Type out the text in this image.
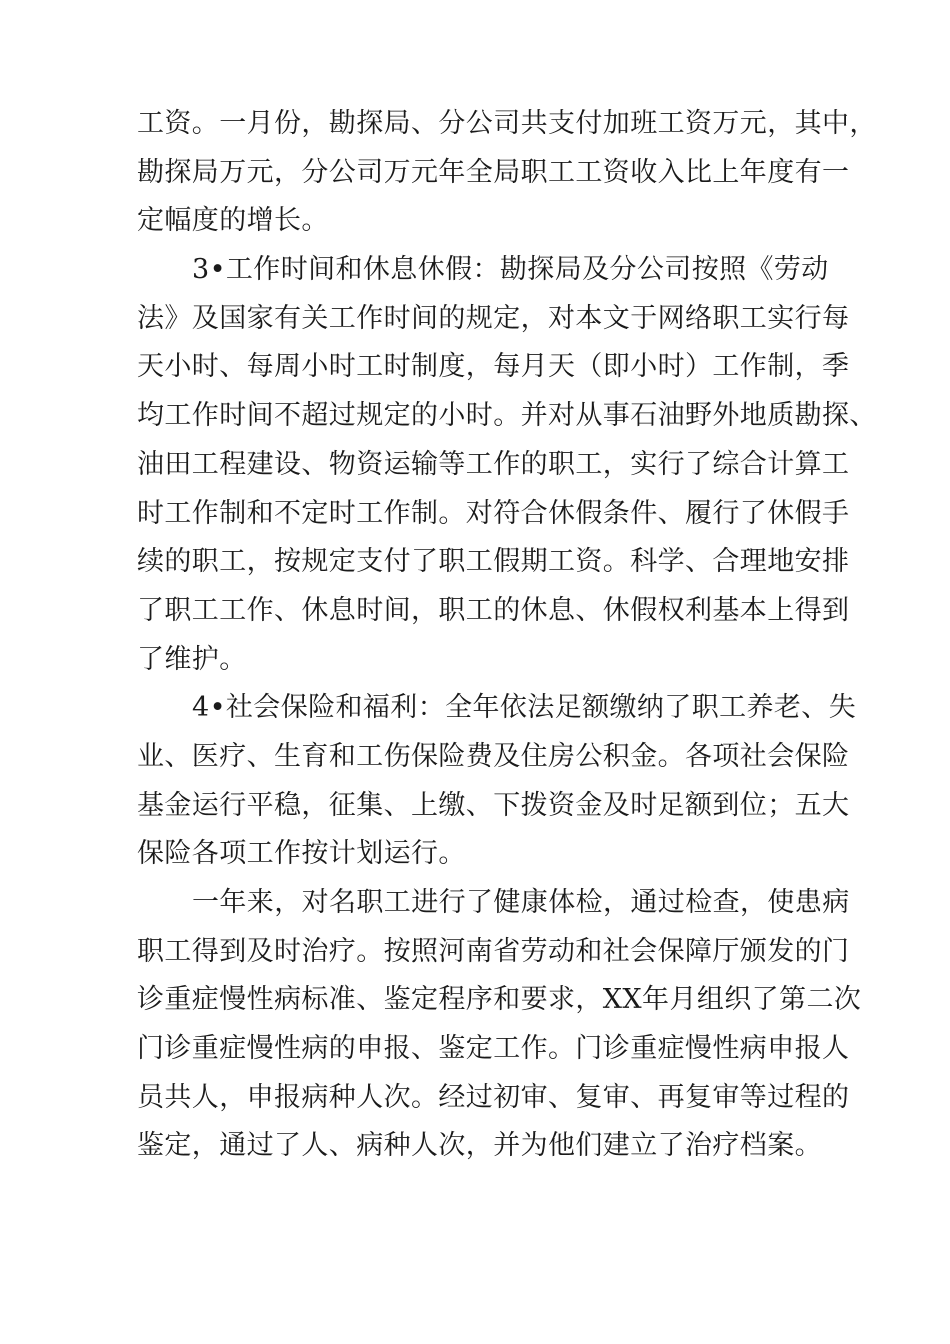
工资。一月份，勘探局、分公司共支付加班工资万元，其中，
勘探局万元，分公司万元年全局职工工资收入比上年度有一
定幅度的增长。
3•工作时间和休息休假：勘探局及分公司按照《劳动
法》及国家有关工作时间的规定，对本文于网络职工实行每
天小时、每周小时工时制度，每月天（即小时）工作制，季
均工作时间不超过规定的小时。并对从事石油野外地质勘探、
油田工程建设、物资运输等工作的职工，实行了综合计算工
时工作制和不定时工作制。对符合休假条件、履行了休假手
续的职工，按规定支付了职工假期工资。科学、合理地安排
了职工工作、休息时间，职工的休息、休假权利基本上得到
了维护。
4•社会保险和福利：全年依法足额缴纳了职工养老、失
业、医疗、生育和工伤保险费及住房公积金。各项社会保险
基金运行平稳，征集、上缴、下拨资金及时足额到位；五大
保险各项工作按计划运行。
一年来，对名职工进行了健康体检，通过检查，使患病
职工得到及时治疗。按照河南省劳动和社会保障厅颁发的门
诊重症慢性病标准、鉴定程序和要求，XX年月组织了第二次
门诊重症慢性病的申报、鉴定工作。门诊重症慢性病申报人
员共人，申报病种人次。经过初审、复审、再复审等过程的
鉴定，通过了人、病种人次，并为他们建立了治疗档案。
